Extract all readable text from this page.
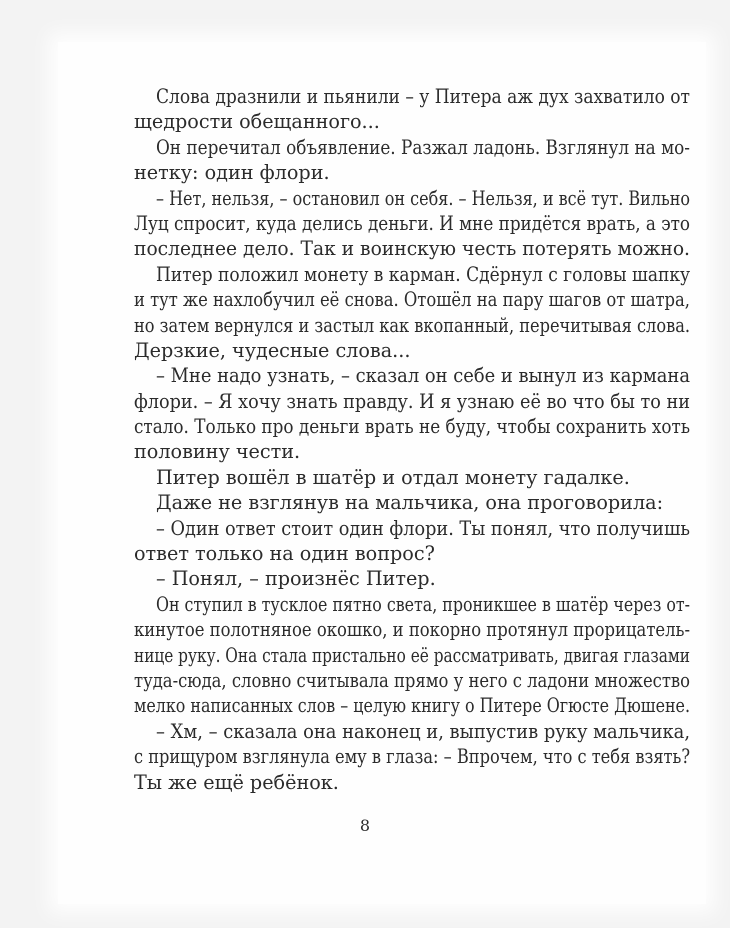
Слова дразнили и пьянили – у Питера аж дух захватило от
щедрости обещанного...
Он перечитал объявление. Разжал ладонь. Взглянул на мо-
нетку: один флори.
– Нет, нельзя, – остановил он себя. – Нельзя, и всё тут. Вильно
Луц спросит, куда делись деньги. И мне придётся врать, а это
последнее дело. Так и воинскую честь потерять можно.
Питер положил монету в карман. Сдёрнул с головы шапку
и тут же нахлобучил её снова. Отошёл на пару шагов от шатра,
но затем вернулся и застыл как вкопанный, перечитывая слова.
Дерзкие, чудесные слова...
– Мне надо узнать, – сказал он себе и вынул из кармана
флори. – Я хочу знать правду. И я узнаю её во что бы то ни
стало. Только про деньги врать не буду, чтобы сохранить хоть
половину чести.
Питер вошёл в шатёр и отдал монету гадалке.
Даже не взглянув на мальчика, она проговорила:
– Один ответ стоит один флори. Ты понял, что получишь
ответ только на один вопрос?
– Понял, – произнёс Питер.
Он ступил в тусклое пятно света, проникшее в шатёр через от-
кинутое полотняное окошко, и покорно протянул прорицатель-
нице руку. Она стала пристально её рассматривать, двигая глазами
туда-сюда, словно считывала прямо у него с ладони множество
мелко написанных слов – целую книгу о Питере Огюсте Дюшене.
– Хм, – сказала она наконец и, выпустив руку мальчика,
с прищуром взглянула ему в глаза: – Впрочем, что с тебя взять?
Ты же ещё ребёнок.
8
